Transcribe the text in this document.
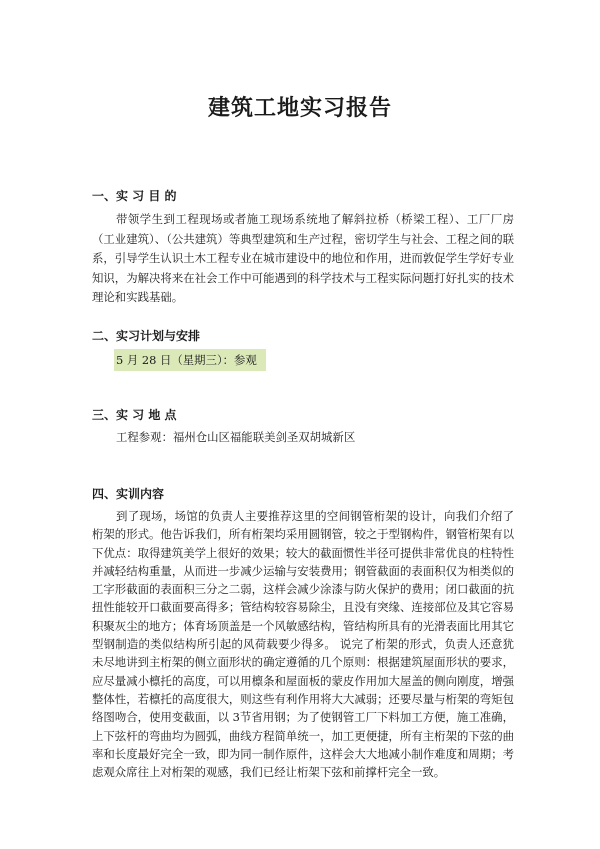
建筑工地实习报告
一、实 习 目 的
带领学生到工程现场或者施工现场系统地了解斜拉桥（桥梁工程）、工厂厂房（工业建筑）、（公共建筑）等典型建筑和生产过程，密切学生与社会、工程之间的联系，引导学生认识土木工程专业在城市建设中的地位和作用，进而敦促学生学好专业知识，为解决将来在社会工作中可能遇到的科学技术与工程实际问题打好扎实的技术理论和实践基础。
二、实习计划与安排
5 月 28 日（星期三）：参观
三、实 习 地 点
工程参观：福州仓山区福能联美剑圣双胡城新区
四、实训内容
到了现场，场馆的负责人主要推荐这里的空间钢管桁架的设计，向我们介绍了桁架的形式。他告诉我们，所有桁架均采用圆钢管，较之于型钢构件，钢管桁架有以下优点：取得建筑美学上很好的效果；较大的截面惯性半径可提供非常优良的柱特性并减轻结构重量，从而进一步减少运输与安装费用；钢管截面的表面积仅为相类似的工字形截面的表面积三分之二弱，这样会减少涂漆与防火保护的费用；闭口截面的抗扭性能较开口截面要高得多；管结构较容易除尘，且没有突缘、连接部位及其它容易积聚灰尘的地方；体育场顶盖是一个风敏感结构，管结构所具有的光滑表面比用其它型钢制造的类似结构所引起的风荷载要少得多。 说完了桁架的形式，负责人还意犹未尽地讲到主桁架的侧立面形状的确定遵循的几个原则：根据建筑屋面形状的要求，应尽量减小檩托的高度，可以用檩条和屋面板的蒙皮作用加大屋盖的侧向刚度，增强整体性，若檩托的高度很大，则这些有利作用将大大减弱；还要尽量与桁架的弯矩包络图吻合，使用变截面，以 3节省用钢；为了使钢管工厂下料加工方便，施工准确，上下弦杆的弯曲均为圆弧，曲线方程简单统一，加工更便捷，所有主桁架的下弦的曲率和长度最好完全一致，即为同一制作原件，这样会大大地减小制作难度和周期；考虑观众席往上对桁架的观感，我们已经让桁架下弦和前撑杆完全一致。
